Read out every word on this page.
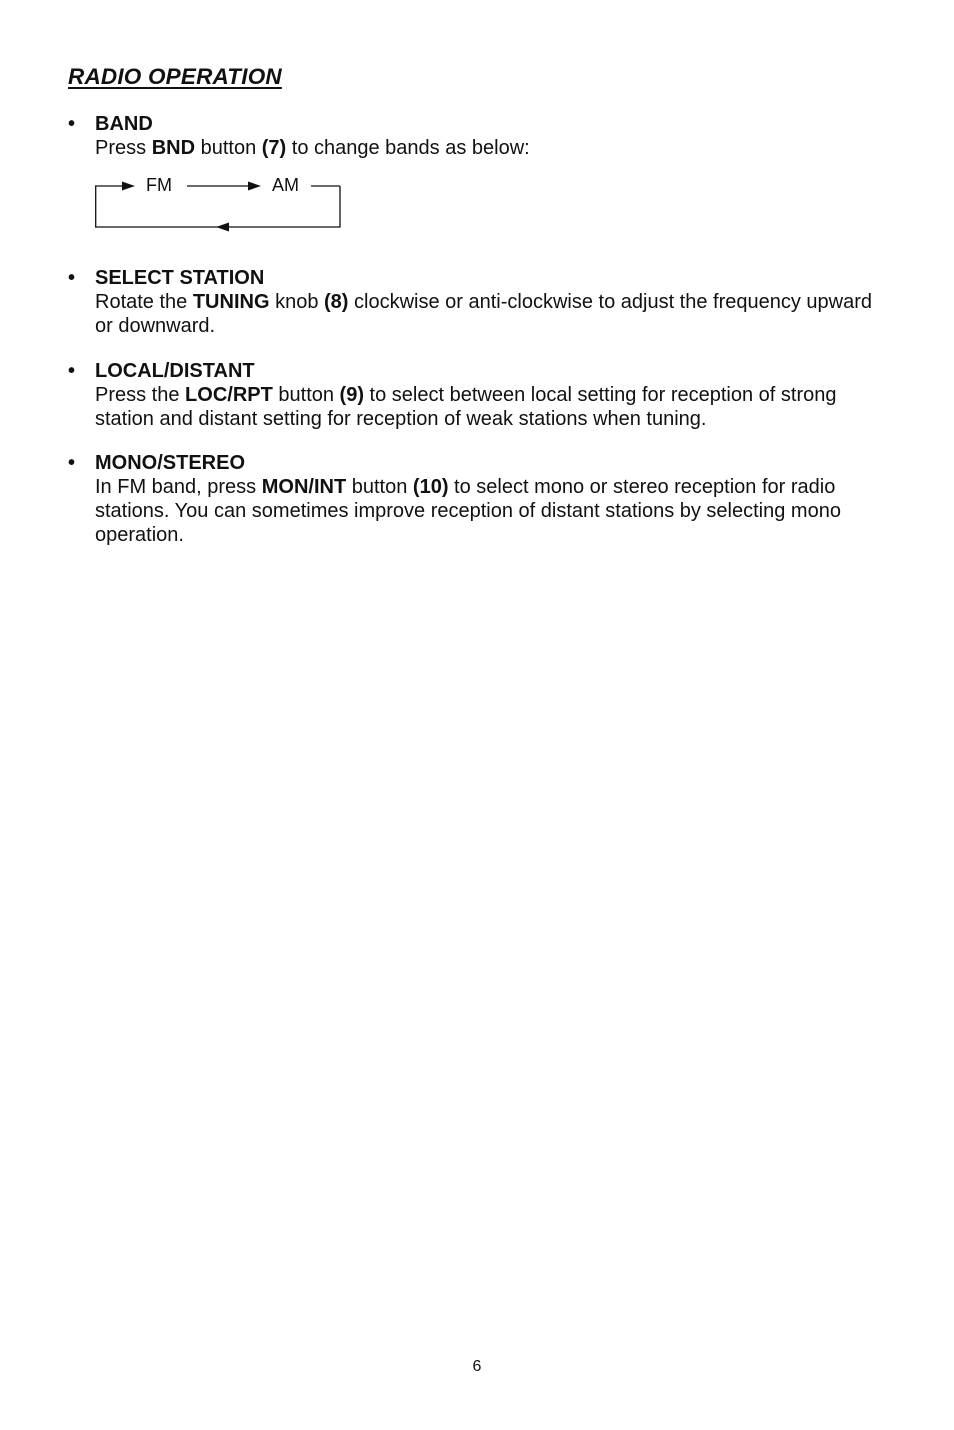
RADIO OPERATION
• BAND
Press BND button (7) to change bands as below:
FM	AM
• SELECT STATION
Rotate the TUNING knob (8) clockwise or anti-clockwise to adjust the frequency upward or downward.
• LOCAL/DISTANT
Press the LOC/RPT button (9) to select between local setting for reception of strong station and distant setting for reception of weak stations when tuning.
• MONO/STEREO
In FM band, press MON/INT button (10) to select mono or stereo reception for radio stations. You can sometimes improve reception of distant stations by selecting mono operation.
6
